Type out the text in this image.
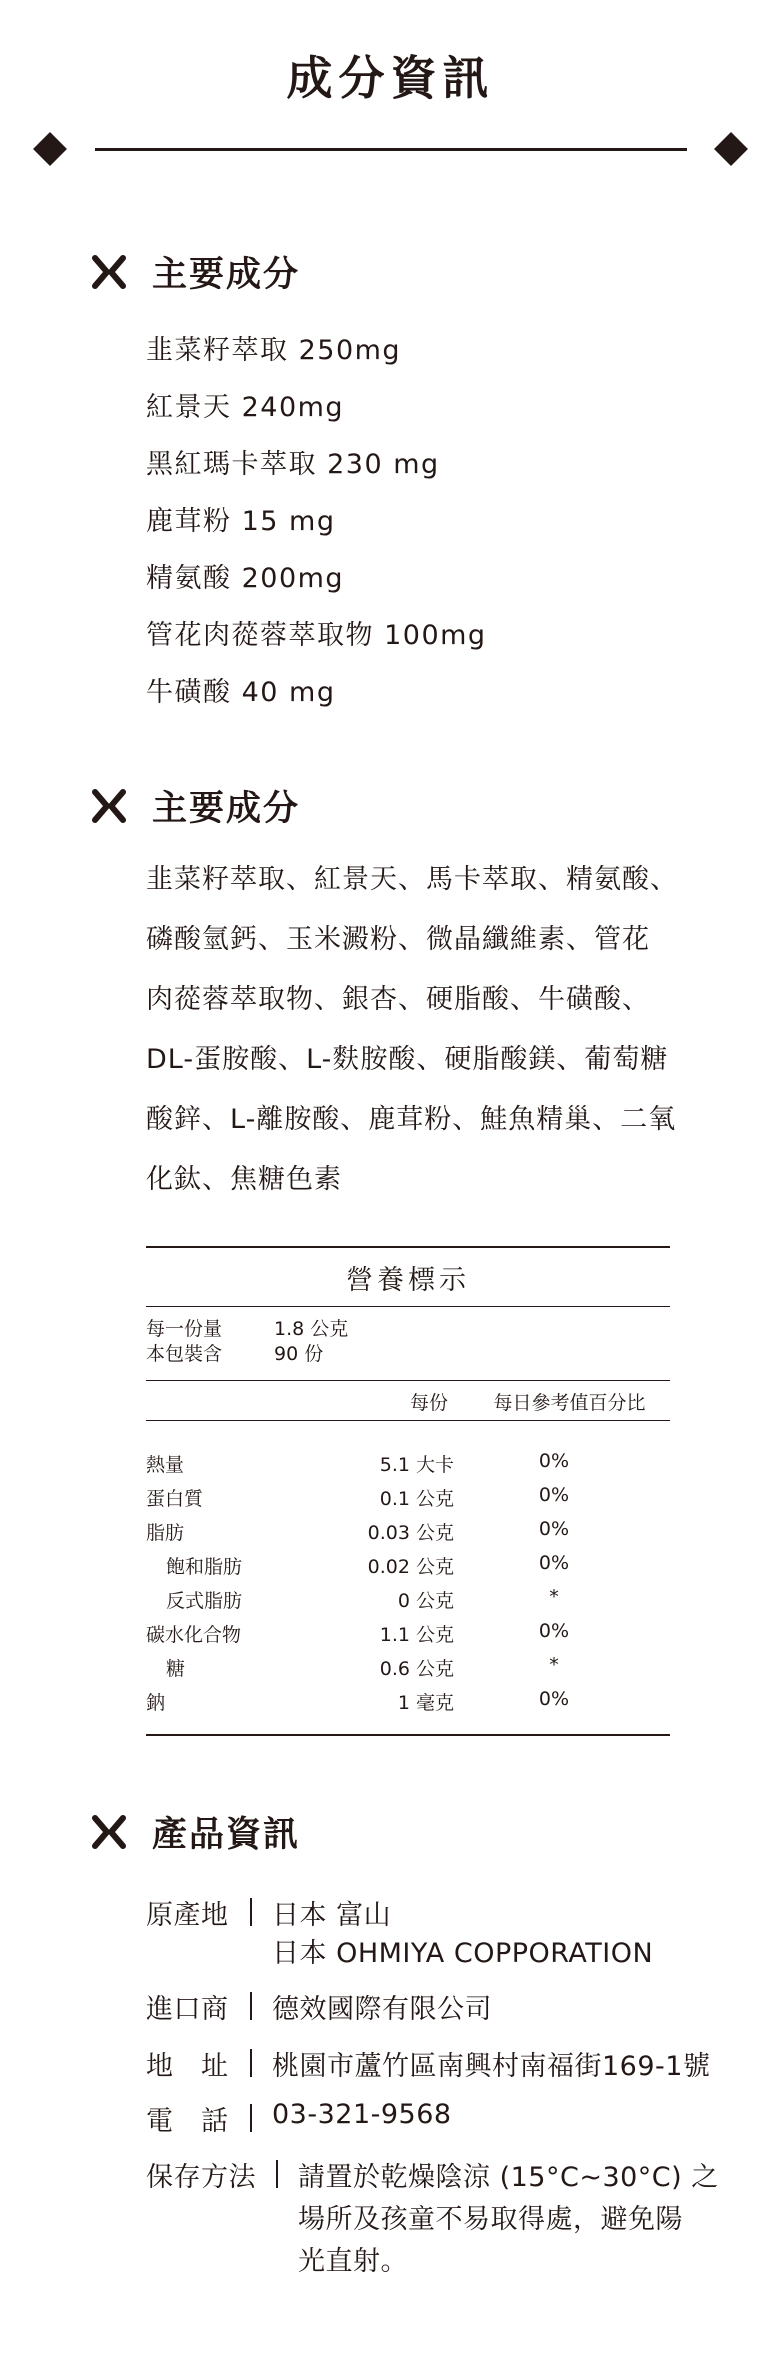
成分資訊
主要成分
韭菜籽萃取 250mg
紅景天 240mg
黑紅瑪卡萃取 230 mg
鹿茸粉 15 mg
精氨酸 200mg
管花肉蓯蓉萃取物 100mg
牛磺酸 40 mg
主要成分

韭菜籽萃取、紅景天、馬卡萃取、精氨酸、

磷酸氫鈣、玉米澱粉、微晶纖維素、管花

肉蓯蓉萃取物、銀杏、硬脂酸、牛磺酸、

DL-蛋胺酸、L-麩胺酸、硬脂酸鎂、葡萄糖

酸鋅、L-離胺酸、鹿茸粉、鮭魚精巢、二氧

化鈦、焦糖色素

營養標示
每一份量	1.8 公克
本包裝含	90 份
每份	每日參考值百分比
熱量	5.1 大卡	0%
蛋白質	0.1 公克	0%
脂肪	0.03 公克	0%
飽和脂肪	0.02 公克	0%
反式脂肪	0 公克	*
碳水化合物	1.1 公克	0%
糖	0.6 公克	*
鈉	1 毫克	0%
產品資訊
原產地 日本 富山
日本 OHMIYA COPPORATION
進口商 德效國際有限公司
地　址 桃園市蘆竹區南興村南福街169-1號
電　話 03-321-9568
保存方法 請置於乾燥陰涼 (15°C~30°C) 之
場所及孩童不易取得處，避免陽
光直射。
